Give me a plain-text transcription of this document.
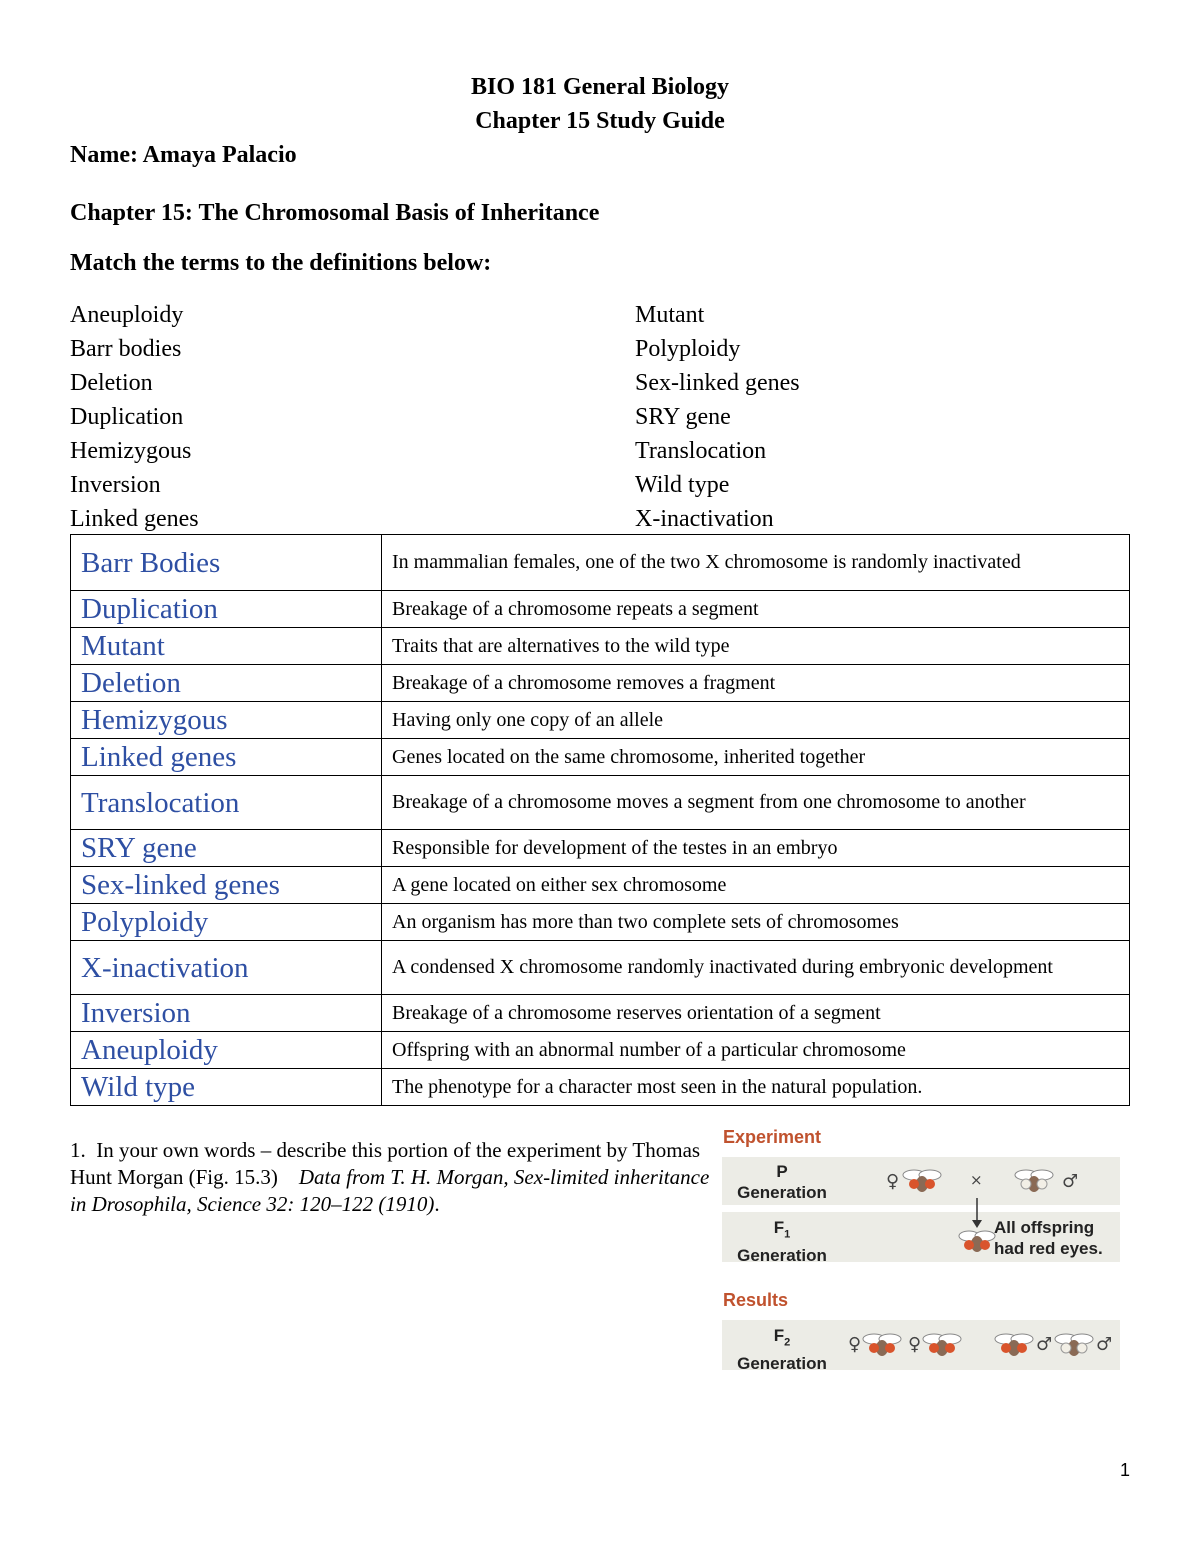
BIO 181 General Biology
Chapter 15 Study Guide
Name: Amaya Palacio
Chapter 15: The Chromosomal Basis of Inheritance
Match the terms to the definitions below:
Aneuploidy
Barr bodies
Deletion
Duplication
Hemizygous
Inversion
Linked genes
Mutant
Polyploidy
Sex-linked genes
SRY gene
Translocation
Wild type
X-inactivation
Barr Bodies	In mammalian females, one of the two X chromosome is randomly inactivated
Duplication	Breakage of a chromosome repeats a segment
Mutant	Traits that are alternatives to the wild type
Deletion	Breakage of a chromosome removes a fragment
Hemizygous	Having only one copy of an allele
Linked genes	Genes located on the same chromosome, inherited together
Translocation	Breakage of a chromosome moves a segment from one chromosome to another
SRY gene	Responsible for development of the testes in an embryo
Sex-linked genes	A gene located on either sex chromosome
Polyploidy	An organism has more than two complete sets of chromosomes
X-inactivation	A condensed X chromosome randomly inactivated during embryonic development
Inversion	Breakage of a chromosome reserves orientation of a segment
Aneuploidy	Offspring with an abnormal number of a particular chromosome
Wild type	The phenotype for a character most seen in the natural population.
1. In your own words – describe this portion of the experiment by Thomas Hunt Morgan (Fig. 15.3) Data from T. H. Morgan, Sex-limited inheritance in Drosophila, Science 32: 120–122 (1910).
Experiment
P
Generation
♀	×	♂
$F_1$
Generation
All offspring
had red eyes.
Results
$F_2$
Generation
♀	♀	♂ ♂
1
